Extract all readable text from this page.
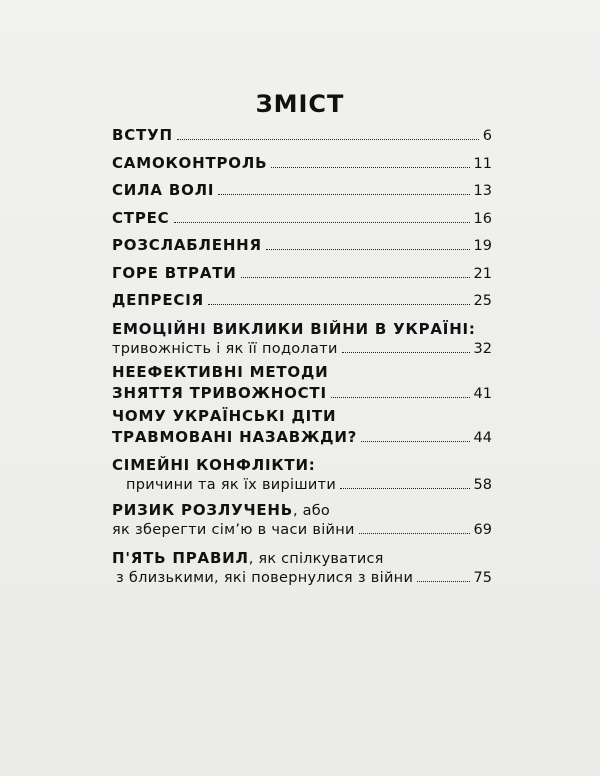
ЗМІСТ
ВСТУП	6
САМОКОНТРОЛЬ	11
СИЛА ВОЛІ	13
СТРЕС	16
РОЗСЛАБЛЕННЯ	19
ГОРЕ ВТРАТИ	21
ДЕПРЕСІЯ	25
ЕМОЦІЙНІ ВИКЛИКИ ВІЙНИ В УКРАЇНІ:
тривожність і як її подолати	32
НЕЕФЕКТИВНІ МЕТОДИ
ЗНЯТТЯ ТРИВОЖНОСТІ	41
ЧОМУ УКРАЇНСЬКІ ДІТИ
ТРАВМОВАНІ НАЗАВЖДИ?	44
СІМЕЙНІ КОНФЛІКТИ:
причини та як їх вирішити	58
РИЗИК РОЗЛУЧЕНЬ , або
як зберегти сім’ю в часи війни	69
П'ЯТЬ ПРАВИЛ , як спілкуватися
з близькими, які повернулися з війни	75
